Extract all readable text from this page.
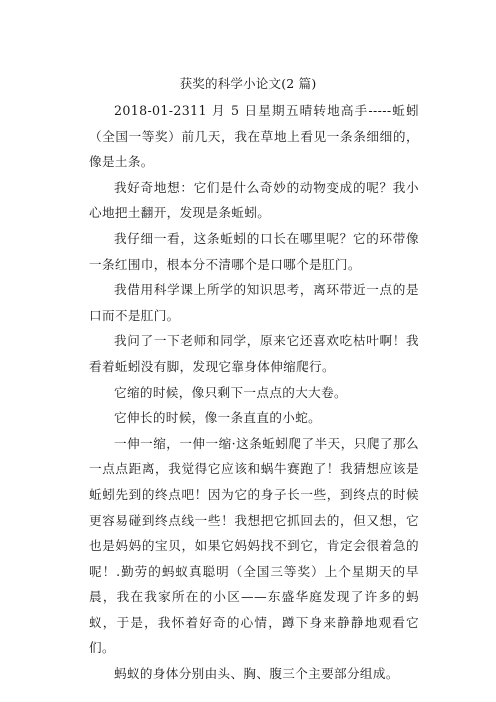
获奖的科学小论文(2 篇)

2018-01-2311 月 5 日星期五晴转地高手-----蚯蚓（全国一等奖）前几天，我在草地上看见一条条细细的，像是土条。

我好奇地想：它们是什么奇妙的动物变成的呢？我小心地把土翻开，发现是条蚯蚓。

我仔细一看，这条蚯蚓的口长在哪里呢？它的环带像一条红围巾，根本分不清哪个是口哪个是肛门。

我借用科学课上所学的知识思考，离环带近一点的是口而不是肛门。

我问了一下老师和同学，原来它还喜欢吃枯叶啊！我看着蚯蚓没有脚，发现它靠身体伸缩爬行。

它缩的时候，像只剩下一点点的大大卷。

它伸长的时候，像一条直直的小蛇。

一伸一缩，一伸一缩·这条蚯蚓爬了半天，只爬了那么一点点距离，我觉得它应该和蜗牛赛跑了！我猜想应该是蚯蚓先到的终点吧！因为它的身子长一些，到终点的时候更容易碰到终点线一些！我想把它抓回去的，但又想，它也是妈妈的宝贝，如果它妈妈找不到它，肯定会很着急的呢！.勤劳的蚂蚁真聪明（全国三等奖）上个星期天的早晨，我在我家所在的小区——东盛华庭发现了许多的蚂蚁，于是，我怀着好奇的心情，蹲下身来静静地观看它们。

蚂蚁的身体分别由头、胸、腹三个主要部分组成。
